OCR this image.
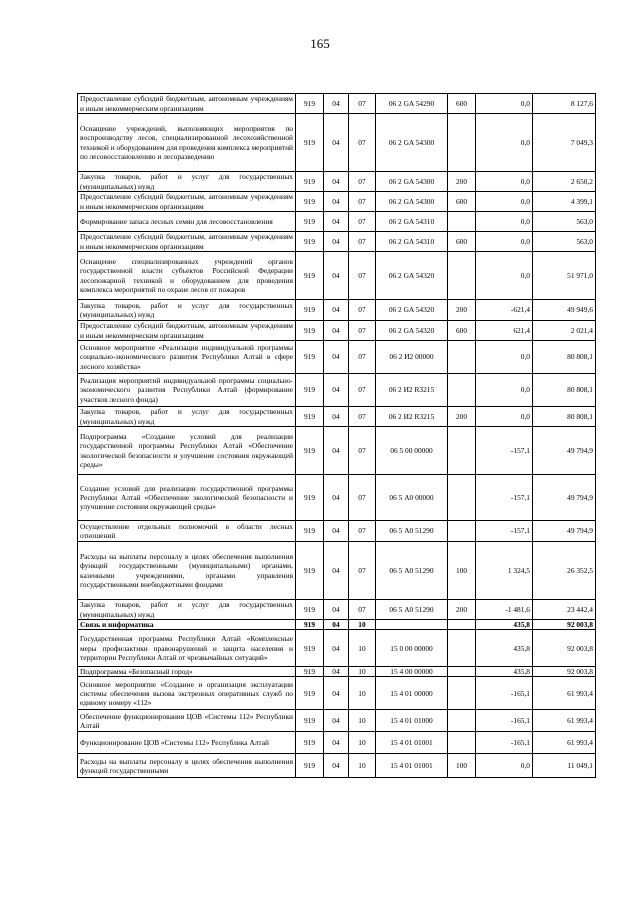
165
Предоставление субсидий бюджетным, автономным учреждениям и иным некоммерческим организациям	919	04	07	06 2 GA 54290	600	0,0	8 127,6
Оснащение учреждений, выполняющих мероприятия по воспроизводству лесов, специализированной лесохозяйственной техникой и оборудованием для проведения комплекса мероприятий по лесовосстановлению и лесоразведению	919	04	07	06 2 GA 54300		0,0	7 049,3
Закупка товаров, работ и услуг для государственных (муниципальных) нужд	919	04	07	06 2 GA 54300	200	0,0	2 650,2
Предоставление субсидий бюджетным, автономным учреждениям и иным некоммерческим организациям	919	04	07	06 2 GA 54300	600	0,0	4 399,1
Формирование запаса лесных семян для лесовосстановления	919	04	07	06 2 GA 54310		0,0	563,0
Предоставление субсидий бюджетным, автономным учреждениям и иным некоммерческим организациям	919	04	07	06 2 GA 54310	600	0,0	563,0
Оснащение специализированных учреждений органов государственной власти субъектов Российской Федерации лесопожарной техникой и оборудованием для проведения комплекса мероприятий по охране лесов от пожаров	919	04	07	06 2 GA 54320		0,0	51 971,0
Закупка товаров, работ и услуг для государственных (муниципальных) нужд	919	04	07	06 2 GA 54320	200	-621,4	49 949,6
Предоставление субсидий бюджетным, автономным учреждениям и иным некоммерческим организациям	919	04	07	06 2 GA 54320	600	621,4	2 021,4
Основное мероприятие «Реализация индивидуальной программы социально-экономического развития Республики Алтай в сфере лесного хозяйства»	919	04	07	06 2 И2 00000		0,0	80 808,1
Реализация мероприятий индивидуальной программы социально-экономического развития Республики Алтай (формирование участков лесного фонда)	919	04	07	06 2 И2 R3215		0,0	80 808,1
Закупка товаров, работ и услуг для государственных (муниципальных) нужд	919	04	07	06 2 И2 R3215	200	0,0	80 808,1
Подпрограмма «Создание условий для реализации государственной программы Республики Алтай «Обеспечение экологической безопасности и улучшение состояния окружающей среды»	919	04	07	06 5 00 00000		-157,1	49 794,9
Создание условий для реализации государственной программы Республики Алтай «Обеспечение экологической безопасности и улучшение состояния окружающей среды»	919	04	07	06 5 А0 00000		-157,1	49 794,9
Осуществление отдельных полномочий в области лесных отношений	919	04	07	06 5 А0 51290		-157,1	49 794,9
Расходы на выплаты персоналу в целях обеспечения выполнения функций государственными (муниципальными) органами, казенными учреждениями, органами управления государственными внебюджетными фондами	919	04	07	06 5 А0 51290	100	1 324,5	26 352,5
Закупка товаров, работ и услуг для государственных (муниципальных) нужд	919	04	07	06 5 А0 51290	200	-1 481,6	23 442,4
Связь и информатика	919	04	10			435,8	92 003,8
Государственная программа Республики Алтай «Комплексные меры профилактики правонарушений и защита населения и территории Республики Алтай от чрезвычайных ситуаций»	919	04	10	15 0 00 00000		435,8	92 003,8
Подпрограмма «Безопасный город»	919	04	10	15 4 00 00000		435,8	92 003,8
Основное мероприятие «Создание и организация эксплуатации системы обеспечения вызова экстренных оперативных служб по единому номеру «112»	919	04	10	15 4 01 00000		-165,1	61 993,4
Обеспечение функционирования ЦОВ «Системы 112» Республики Алтай	919	04	10	15 4 01 01000		-165,1	61 993,4
Функционирование ЦОВ «Системы 112» Республика Алтай	919	04	10	15 4 01 01001		-165,1	61 993,4
Расходы на выплаты персоналу в целях обеспечения выполнения функций государственными	919	04	10	15 4 01 01001	100	0,0	11 049,1
